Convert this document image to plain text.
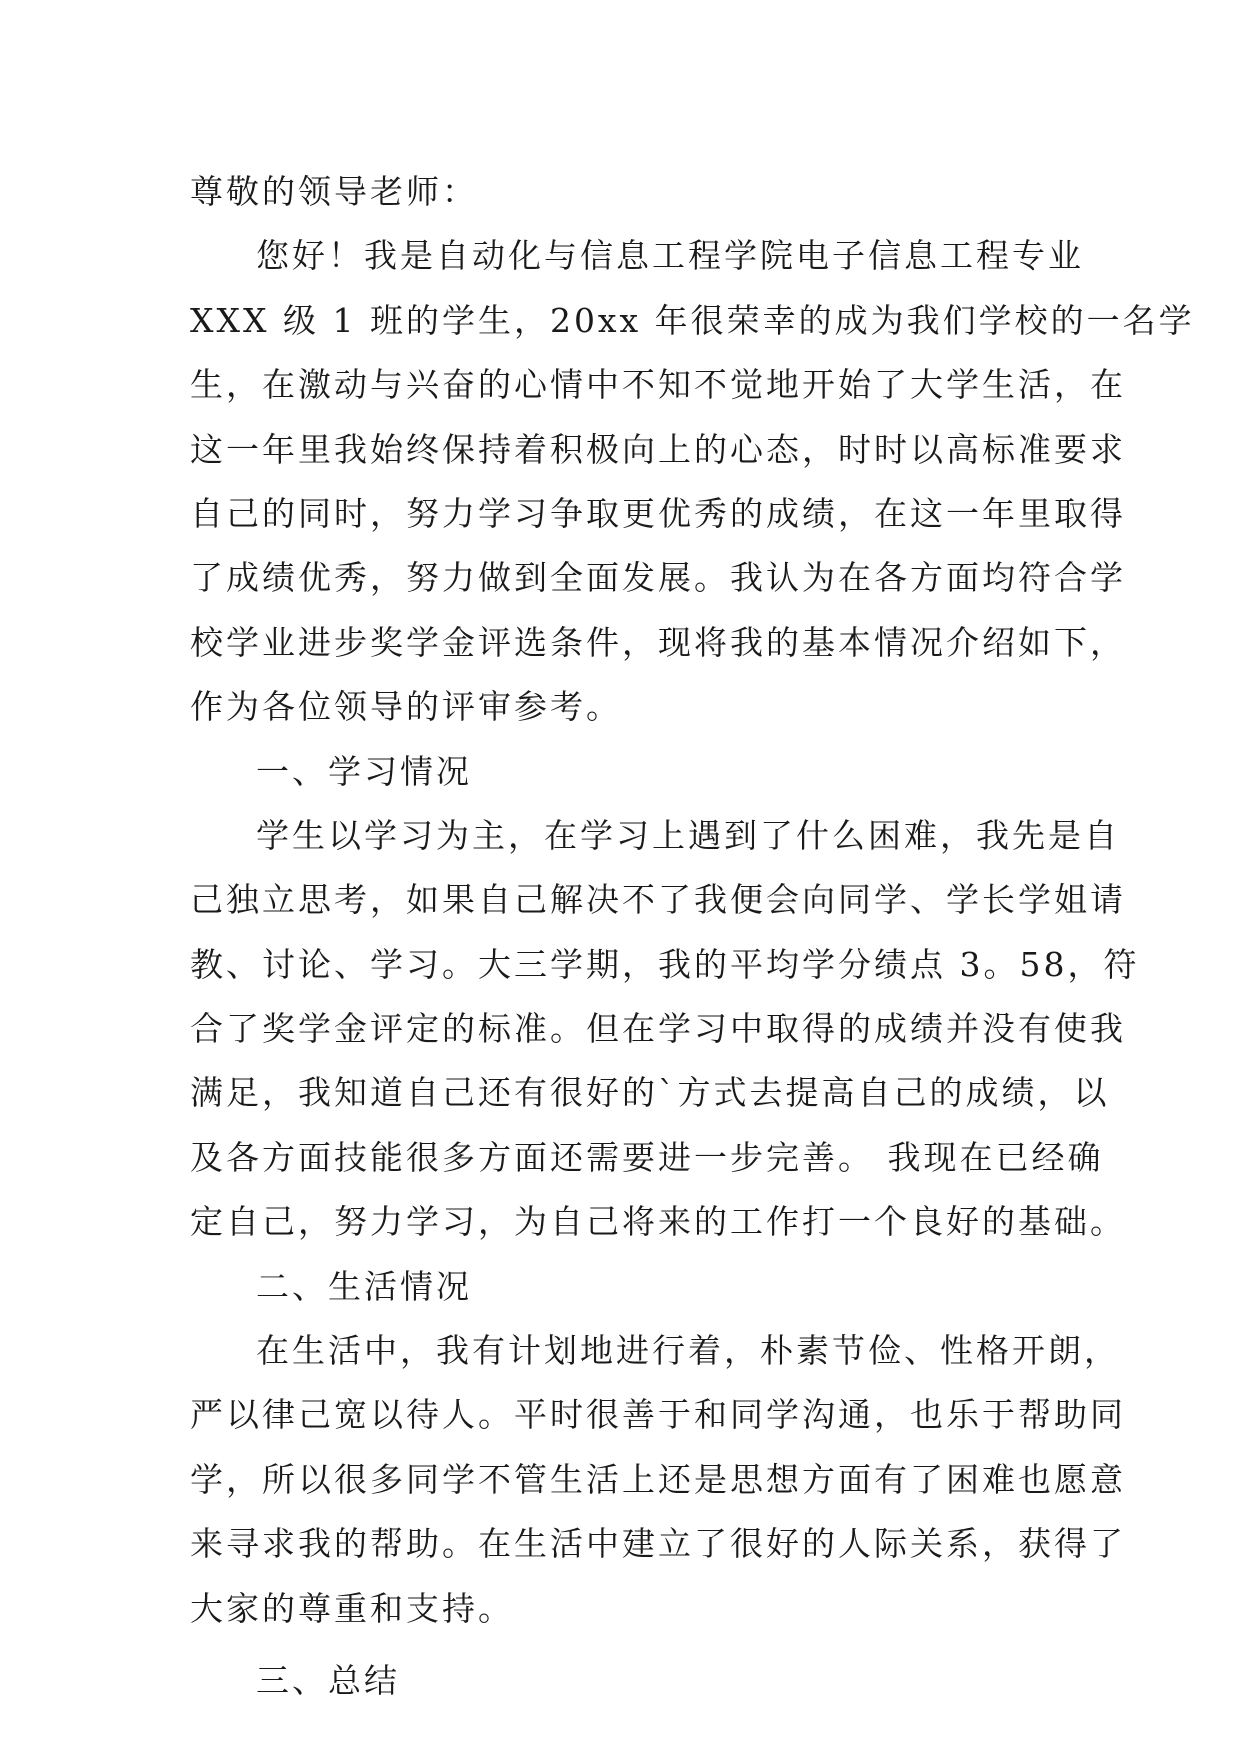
尊敬的领导老师：
您好！我是自动化与信息工程学院电子信息工程专业
XXX 级 1 班的学生，20xx 年很荣幸的成为我们学校的一名学
生，在激动与兴奋的心情中不知不觉地开始了大学生活，在
这一年里我始终保持着积极向上的心态，时时以高标准要求
自己的同时，努力学习争取更优秀的成绩，在这一年里取得
了成绩优秀，努力做到全面发展。我认为在各方面均符合学
校学业进步奖学金评选条件，现将我的基本情况介绍如下，
作为各位领导的评审参考。
一、学习情况
学生以学习为主，在学习上遇到了什么困难，我先是自
己独立思考，如果自己解决不了我便会向同学、学长学姐请
教、讨论、学习。大三学期，我的平均学分绩点 3。58，符
合了奖学金评定的标准。但在学习中取得的成绩并没有使我
满足，我知道自己还有很好的`方式去提高自己的成绩，以
及各方面技能很多方面还需要进一步完善。 我现在已经确
定自己，努力学习，为自己将来的工作打一个良好的基础。
二、生活情况
在生活中，我有计划地进行着，朴素节俭、性格开朗，
严以律己宽以待人。平时很善于和同学沟通，也乐于帮助同
学，所以很多同学不管生活上还是思想方面有了困难也愿意
来寻求我的帮助。在生活中建立了很好的人际关系，获得了
大家的尊重和支持。
三、总结
